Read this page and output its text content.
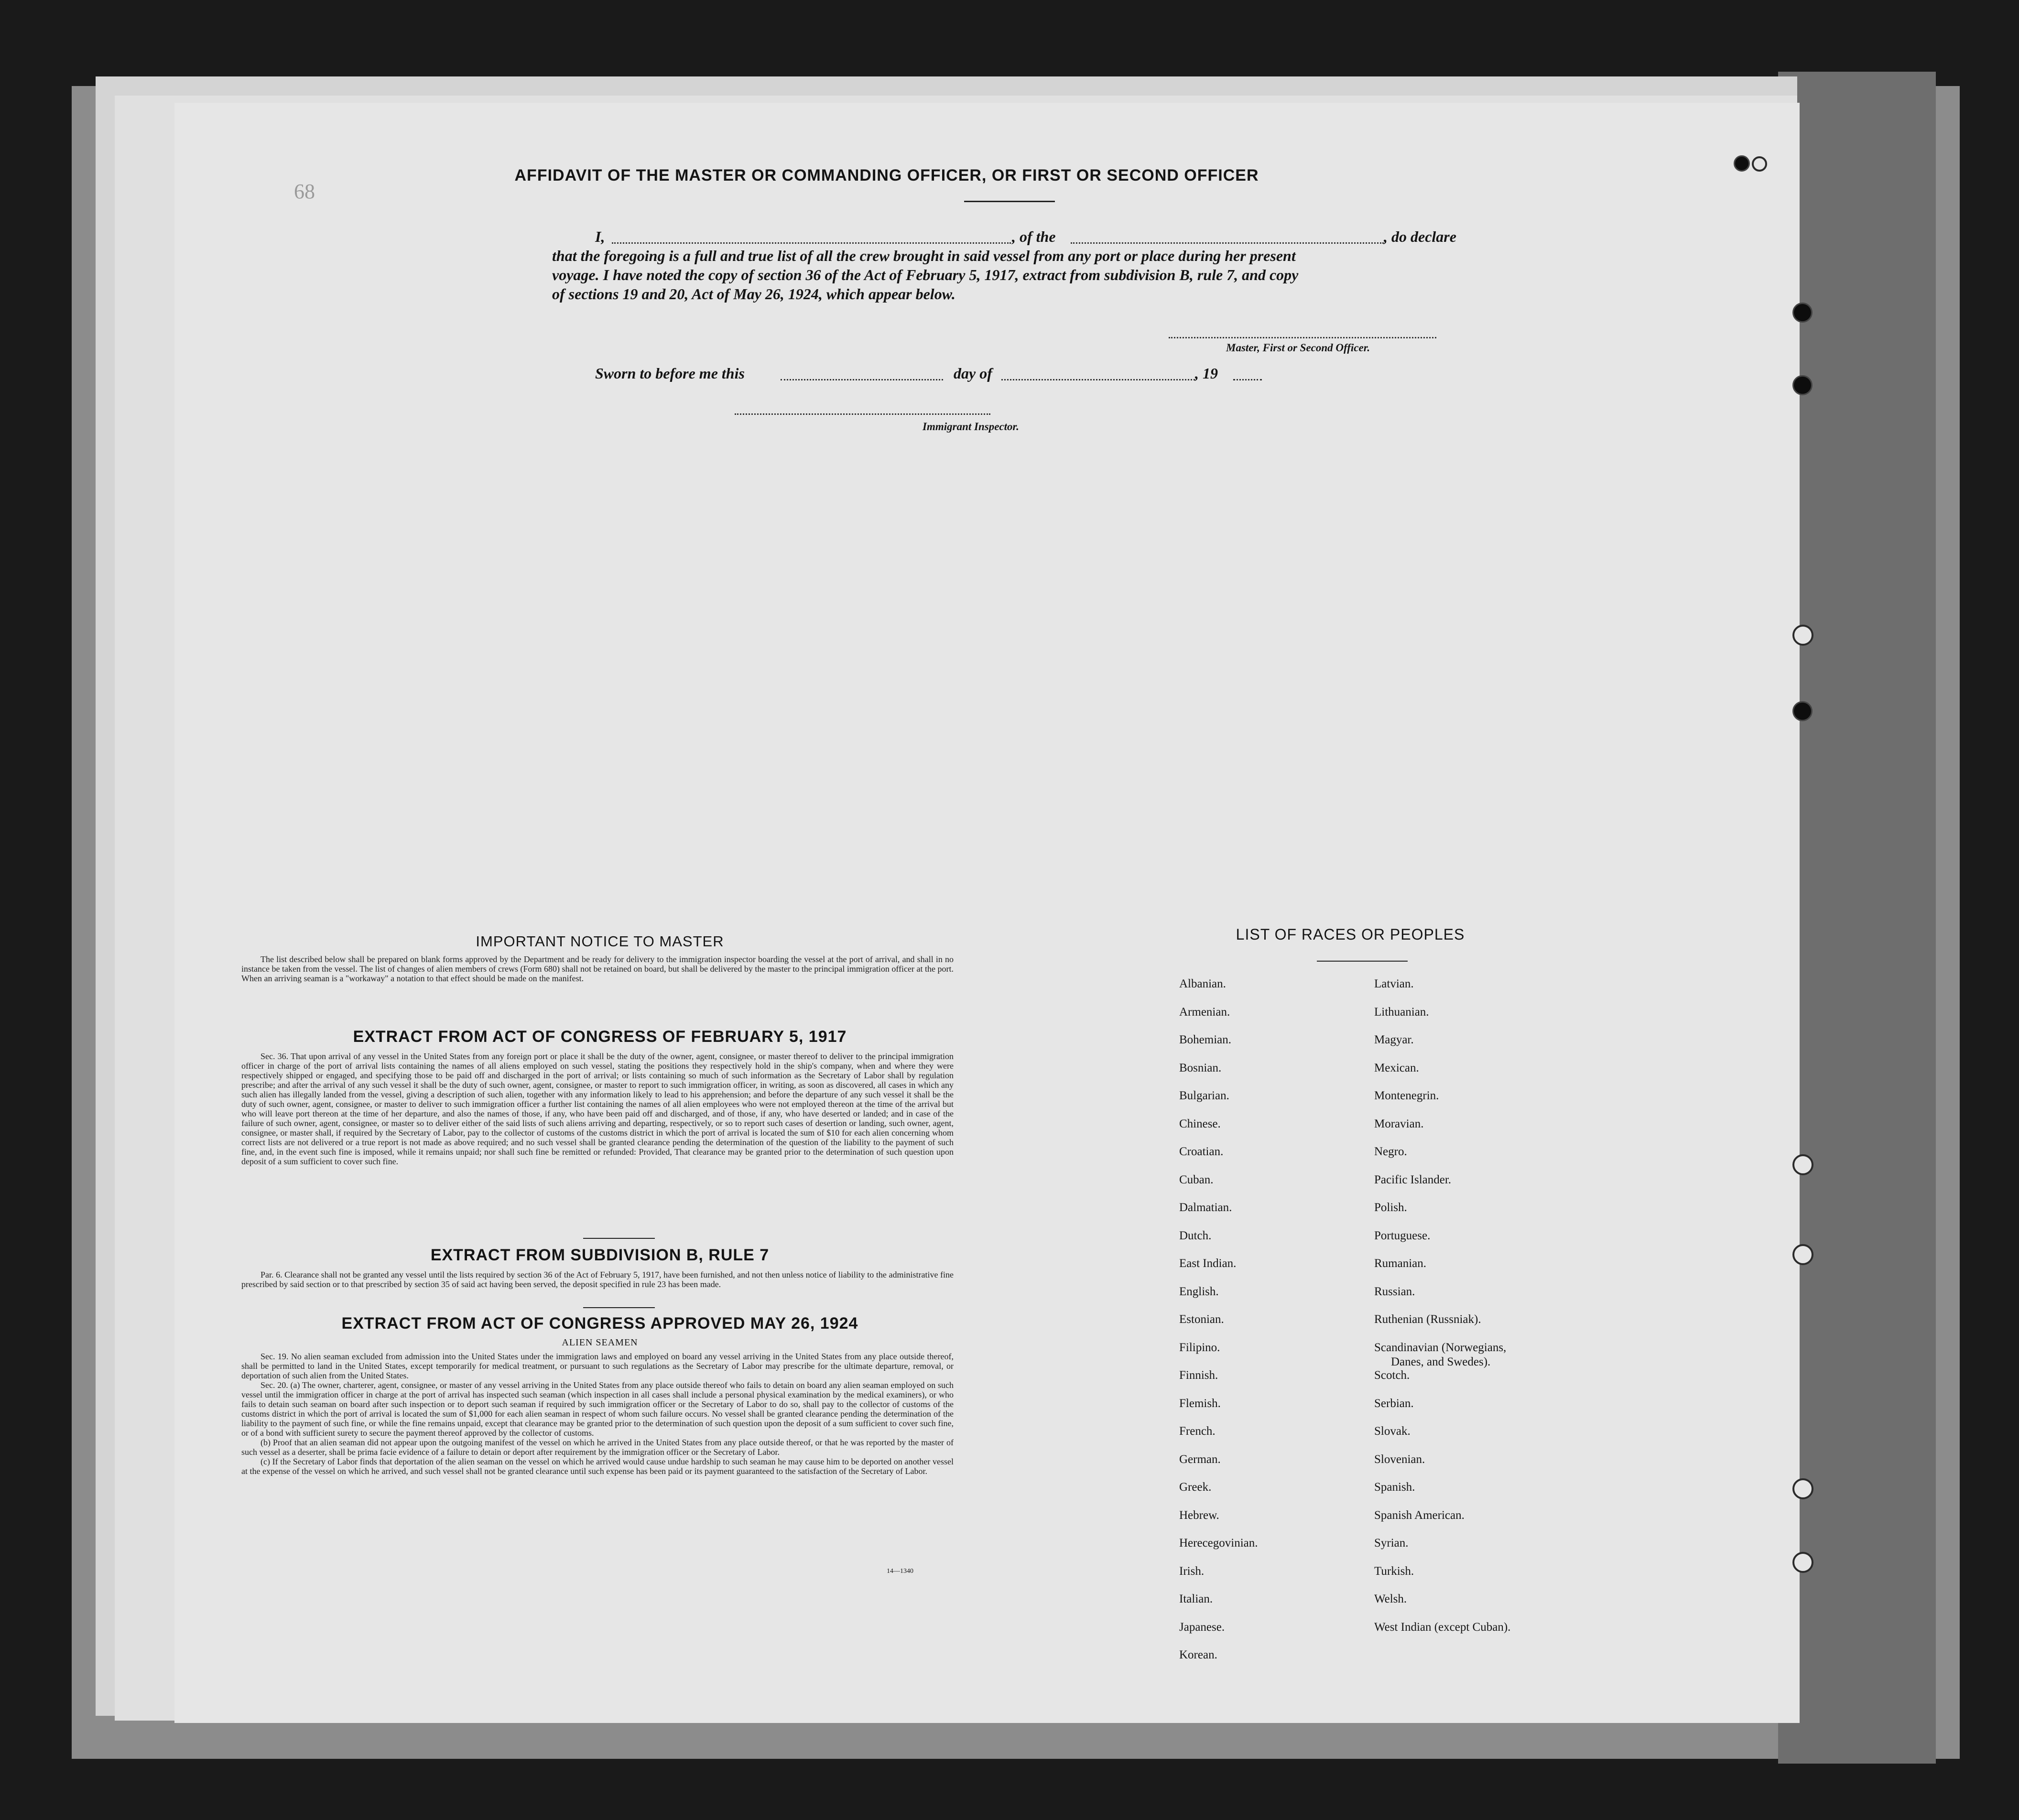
68
AFFIDAVIT OF THE MASTER OR COMMANDING OFFICER, OR FIRST OR SECOND OFFICER
I,	, of the	, do declare
that the foregoing is a full and true list of all the crew brought in said vessel from any port or place during her present
voyage. I have noted the copy of section 36 of the Act of February 5, 1917, extract from subdivision B, rule 7, and copy
of sections 19 and 20, Act of May 26, 1924, which appear below.
Master, First or Second Officer.
Sworn to before me this	day of	, 19
Immigrant Inspector.
IMPORTANT NOTICE TO MASTER
The list described below shall be prepared on blank forms approved by the Department and be ready for delivery to the immigration inspector boarding the vessel at the port of arrival, and shall in no instance be taken from the vessel. The list of changes of alien members of crews (Form 680) shall not be retained on board, but shall be delivered by the master to the principal immigration officer at the port. When an arriving seaman is a "workaway" a notation to that effect should be made on the manifest.
EXTRACT FROM ACT OF CONGRESS OF FEBRUARY 5, 1917
Sec. 36. That upon arrival of any vessel in the United States from any foreign port or place it shall be the duty of the owner, agent, consignee, or master thereof to deliver to the principal immigration officer in charge of the port of arrival lists containing the names of all aliens employed on such vessel, stating the positions they respectively hold in the ship's company, when and where they were respectively shipped or engaged, and specifying those to be paid off and discharged in the port of arrival; or lists containing so much of such information as the Secretary of Labor shall by regulation prescribe; and after the arrival of any such vessel it shall be the duty of such owner, agent, consignee, or master to report to such immigration officer, in writing, as soon as discovered, all cases in which any such alien has illegally landed from the vessel, giving a description of such alien, together with any information likely to lead to his apprehension; and before the departure of any such vessel it shall be the duty of such owner, agent, consignee, or master to deliver to such immigration officer a further list containing the names of all alien employees who were not employed thereon at the time of the arrival but who will leave port thereon at the time of her departure, and also the names of those, if any, who have been paid off and discharged, and of those, if any, who have deserted or landed; and in case of the failure of such owner, agent, consignee, or master so to deliver either of the said lists of such aliens arriving and departing, respectively, or so to report such cases of desertion or landing, such owner, agent, consignee, or master shall, if required by the Secretary of Labor, pay to the collector of customs of the customs district in which the port of arrival is located the sum of $10 for each alien concerning whom correct lists are not delivered or a true report is not made as above required; and no such vessel shall be granted clearance pending the determination of the question of the liability to the payment of such fine, and, in the event such fine is imposed, while it remains unpaid; nor shall such fine be remitted or refunded: Provided, That clearance may be granted prior to the determination of such question upon deposit of a sum sufficient to cover such fine.
EXTRACT FROM SUBDIVISION B, RULE 7
Par. 6. Clearance shall not be granted any vessel until the lists required by section 36 of the Act of February 5, 1917, have been furnished, and not then unless notice of liability to the administrative fine prescribed by said section or to that prescribed by section 35 of said act having been served, the deposit specified in rule 23 has been made.
EXTRACT FROM ACT OF CONGRESS APPROVED MAY 26, 1924
ALIEN SEAMEN
Sec. 19. No alien seaman excluded from admission into the United States under the immigration laws and employed on board any vessel arriving in the United States from any place outside thereof, shall be permitted to land in the United States, except temporarily for medical treatment, or pursuant to such regulations as the Secretary of Labor may prescribe for the ultimate departure, removal, or deportation of such alien from the United States.
Sec. 20. (a) The owner, charterer, agent, consignee, or master of any vessel arriving in the United States from any place outside thereof who fails to detain on board any alien seaman employed on such vessel until the immigration officer in charge at the port of arrival has inspected such seaman (which inspection in all cases shall include a personal physical examination by the medical examiners), or who fails to detain such seaman on board after such inspection or to deport such seaman if required by such immigration officer or the Secretary of Labor to do so, shall pay to the collector of customs of the customs district in which the port of arrival is located the sum of $1,000 for each alien seaman in respect of whom such failure occurs. No vessel shall be granted clearance pending the determination of the liability to the payment of such fine, or while the fine remains unpaid, except that clearance may be granted prior to the determination of such question upon the deposit of a sum sufficient to cover such fine, or of a bond with sufficient surety to secure the payment thereof approved by the collector of customs.
(b) Proof that an alien seaman did not appear upon the outgoing manifest of the vessel on which he arrived in the United States from any place outside thereof, or that he was reported by the master of such vessel as a deserter, shall be prima facie evidence of a failure to detain or deport after requirement by the immigration officer or the Secretary of Labor.
(c) If the Secretary of Labor finds that deportation of the alien seaman on the vessel on which he arrived would cause undue hardship to such seaman he may cause him to be deported on another vessel at the expense of the vessel on which he arrived, and such vessel shall not be granted clearance until such expense has been paid or its payment guaranteed to the satisfaction of the Secretary of Labor.
14—1340
LIST OF RACES OR PEOPLES
Albanian.
Armenian.
Bohemian.
Bosnian.
Bulgarian.
Chinese.
Croatian.
Cuban.
Dalmatian.
Dutch.
East Indian.
English.
Estonian.
Filipino.
Finnish.
Flemish.
French.
German.
Greek.
Hebrew.
Herecegovinian.
Irish.
Italian.
Japanese.
Korean.
Latvian.
Lithuanian.
Magyar.
Mexican.
Montenegrin.
Moravian.
Negro.
Pacific Islander.
Polish.
Portuguese.
Rumanian.
Russian.
Ruthenian (Russniak).
Scandinavian (Norwegians,
Danes, and Swedes).
Scotch.
Serbian.
Slovak.
Slovenian.
Spanish.
Spanish American.
Syrian.
Turkish.
Welsh.
West Indian (except Cuban).
